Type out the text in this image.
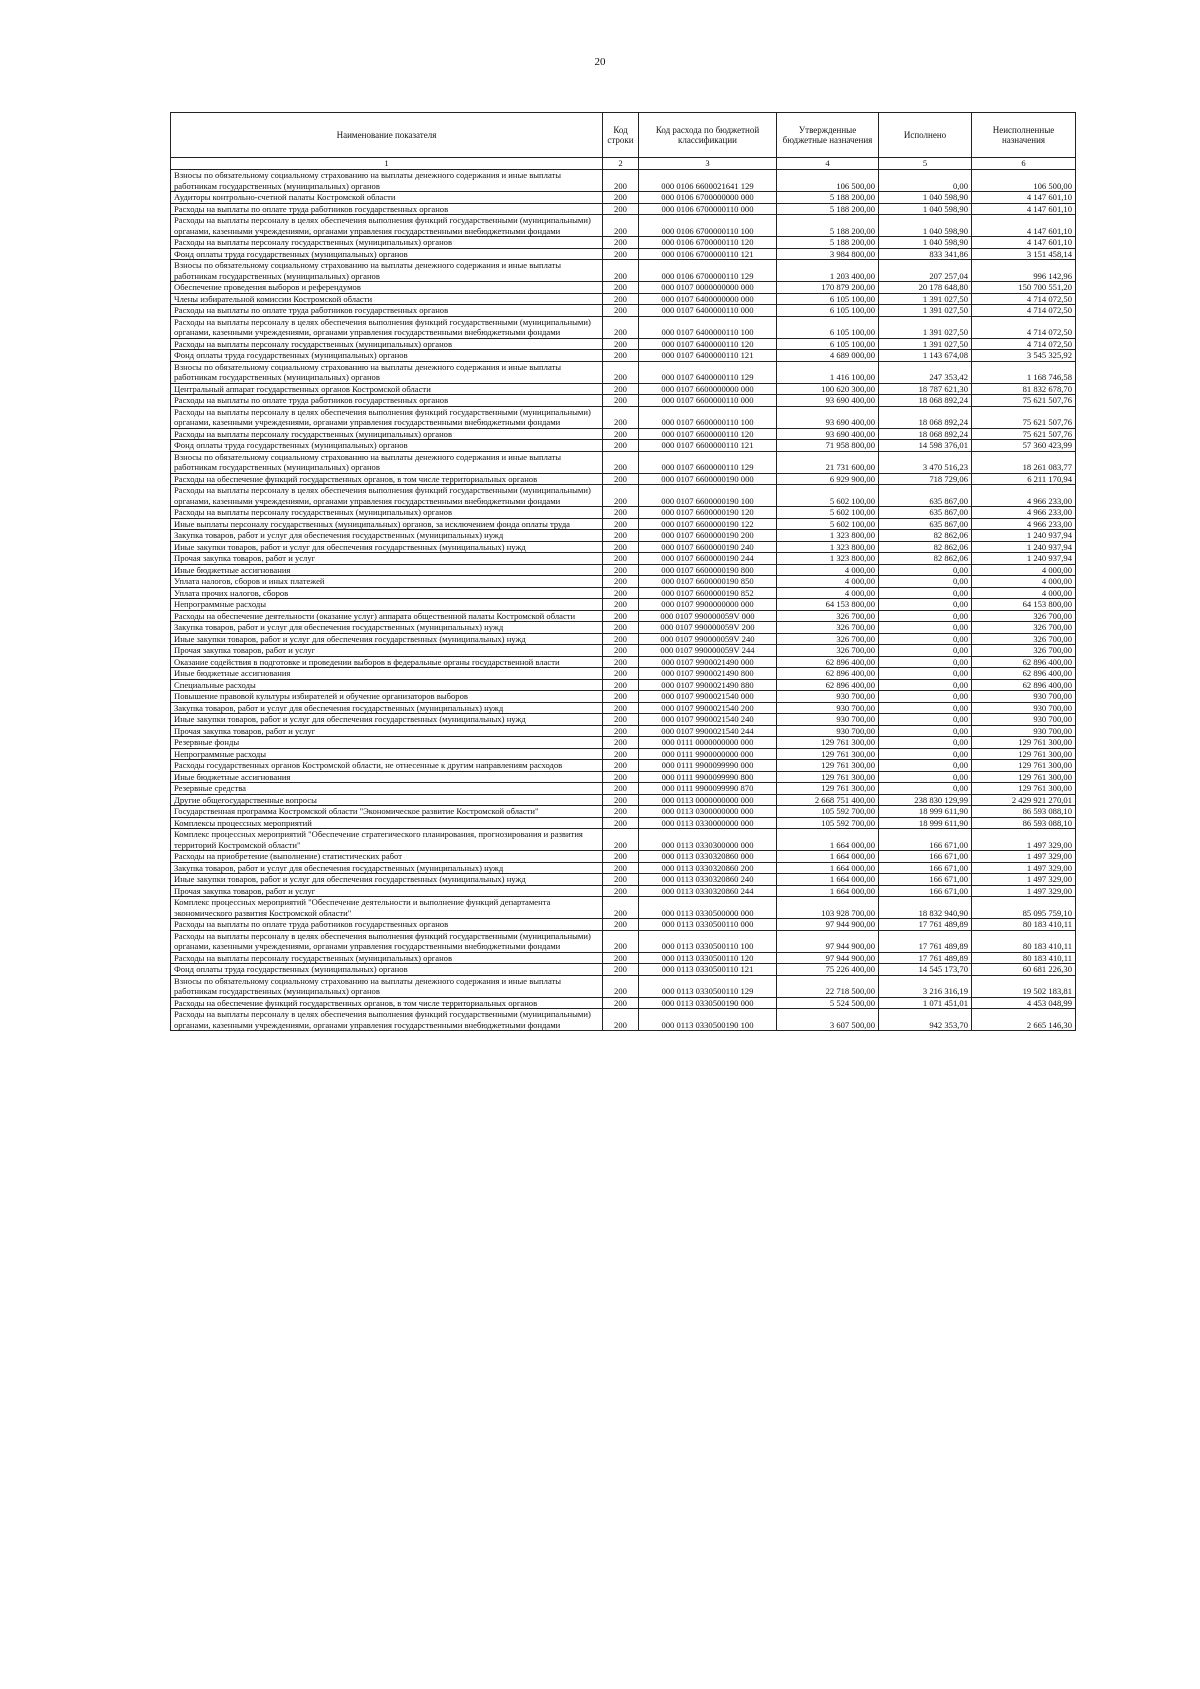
20
Наименование показателя	Код строки	Код расхода по бюджетной классификации	Утвержденные бюджетные назначения	Исполнено	Неисполненные назначения
1	2	3	4	5	6
Взносы по обязательному социальному страхованию на выплаты денежного содержания и иные выплаты работникам государственных (муниципальных) органов	200	000 0106 6600021641 129	106 500,00	0,00	106 500,00
Аудиторы контрольно-счетной палаты Костромской области	200	000 0106 6700000000 000	5 188 200,00	1 040 598,90	4 147 601,10
Расходы на выплаты по оплате труда работников государственных органов	200	000 0106 6700000110 000	5 188 200,00	1 040 598,90	4 147 601,10
Расходы на выплаты персоналу в целях обеспечения выполнения функций государственными (муниципальными) органами, казенными учреждениями, органами управления государственными внебюджетными фондами	200	000 0106 6700000110 100	5 188 200,00	1 040 598,90	4 147 601,10
Расходы на выплаты персоналу государственных (муниципальных) органов	200	000 0106 6700000110 120	5 188 200,00	1 040 598,90	4 147 601,10
Фонд оплаты труда государственных (муниципальных) органов	200	000 0106 6700000110 121	3 984 800,00	833 341,86	3 151 458,14
Взносы по обязательному социальному страхованию на выплаты денежного содержания и иные выплаты работникам государственных (муниципальных) органов	200	000 0106 6700000110 129	1 203 400,00	207 257,04	996 142,96
Обеспечение проведения выборов и референдумов	200	000 0107 0000000000 000	170 879 200,00	20 178 648,80	150 700 551,20
Члены избирательной комиссии Костромской области	200	000 0107 6400000000 000	6 105 100,00	1 391 027,50	4 714 072,50
Расходы на выплаты по оплате труда работников государственных органов	200	000 0107 6400000110 000	6 105 100,00	1 391 027,50	4 714 072,50
Расходы на выплаты персоналу в целях обеспечения выполнения функций государственными (муниципальными) органами, казенными учреждениями, органами управления государственными внебюджетными фондами	200	000 0107 6400000110 100	6 105 100,00	1 391 027,50	4 714 072,50
Расходы на выплаты персоналу государственных (муниципальных) органов	200	000 0107 6400000110 120	6 105 100,00	1 391 027,50	4 714 072,50
Фонд оплаты труда государственных (муниципальных) органов	200	000 0107 6400000110 121	4 689 000,00	1 143 674,08	3 545 325,92
Взносы по обязательному социальному страхованию на выплаты денежного содержания и иные выплаты работникам государственных (муниципальных) органов	200	000 0107 6400000110 129	1 416 100,00	247 353,42	1 168 746,58
Центральный аппарат государственных органов Костромской области	200	000 0107 6600000000 000	100 620 300,00	18 787 621,30	81 832 678,70
Расходы на выплаты по оплате труда работников государственных органов	200	000 0107 6600000110 000	93 690 400,00	18 068 892,24	75 621 507,76
Расходы на выплаты персоналу в целях обеспечения выполнения функций государственными (муниципальными) органами, казенными учреждениями, органами управления государственными внебюджетными фондами	200	000 0107 6600000110 100	93 690 400,00	18 068 892,24	75 621 507,76
Расходы на выплаты персоналу государственных (муниципальных) органов	200	000 0107 6600000110 120	93 690 400,00	18 068 892,24	75 621 507,76
Фонд оплаты труда государственных (муниципальных) органов	200	000 0107 6600000110 121	71 958 800,00	14 598 376,01	57 360 423,99
Взносы по обязательному социальному страхованию на выплаты денежного содержания и иные выплаты работникам государственных (муниципальных) органов	200	000 0107 6600000110 129	21 731 600,00	3 470 516,23	18 261 083,77
Расходы на обеспечение функций государственных органов, в том числе территориальных органов	200	000 0107 6600000190 000	6 929 900,00	718 729,06	6 211 170,94
Расходы на выплаты персоналу в целях обеспечения выполнения функций государственными (муниципальными) органами, казенными учреждениями, органами управления государственными внебюджетными фондами	200	000 0107 6600000190 100	5 602 100,00	635 867,00	4 966 233,00
Расходы на выплаты персоналу государственных (муниципальных) органов	200	000 0107 6600000190 120	5 602 100,00	635 867,00	4 966 233,00
Иные выплаты персоналу государственных (муниципальных) органов, за исключением фонда оплаты труда	200	000 0107 6600000190 122	5 602 100,00	635 867,00	4 966 233,00
Закупка товаров, работ и услуг для обеспечения государственных (муниципальных) нужд	200	000 0107 6600000190 200	1 323 800,00	82 862,06	1 240 937,94
Иные закупки товаров, работ и услуг для обеспечения государственных (муниципальных) нужд	200	000 0107 6600000190 240	1 323 800,00	82 862,06	1 240 937,94
Прочая закупка товаров, работ и услуг	200	000 0107 6600000190 244	1 323 800,00	82 862,06	1 240 937,94
Иные бюджетные ассигнования	200	000 0107 6600000190 800	4 000,00	0,00	4 000,00
Уплата налогов, сборов и иных платежей	200	000 0107 6600000190 850	4 000,00	0,00	4 000,00
Уплата прочих налогов, сборов	200	000 0107 6600000190 852	4 000,00	0,00	4 000,00
Непрограммные расходы	200	000 0107 9900000000 000	64 153 800,00	0,00	64 153 800,00
Расходы на обеспечение деятельности (оказание услуг) аппарата общественной палаты Костромской области	200	000 0107 990000059V 000	326 700,00	0,00	326 700,00
Закупка товаров, работ и услуг для обеспечения государственных (муниципальных) нужд	200	000 0107 990000059V 200	326 700,00	0,00	326 700,00
Иные закупки товаров, работ и услуг для обеспечения государственных (муниципальных) нужд	200	000 0107 990000059V 240	326 700,00	0,00	326 700,00
Прочая закупка товаров, работ и услуг	200	000 0107 990000059V 244	326 700,00	0,00	326 700,00
Оказание содействия в подготовке и проведении выборов в федеральные органы государственной власти	200	000 0107 9900021490 000	62 896 400,00	0,00	62 896 400,00
Иные бюджетные ассигнования	200	000 0107 9900021490 800	62 896 400,00	0,00	62 896 400,00
Специальные расходы	200	000 0107 9900021490 880	62 896 400,00	0,00	62 896 400,00
Повышение правовой культуры избирателей и обучение организаторов выборов	200	000 0107 9900021540 000	930 700,00	0,00	930 700,00
Закупка товаров, работ и услуг для обеспечения государственных (муниципальных) нужд	200	000 0107 9900021540 200	930 700,00	0,00	930 700,00
Иные закупки товаров, работ и услуг для обеспечения государственных (муниципальных) нужд	200	000 0107 9900021540 240	930 700,00	0,00	930 700,00
Прочая закупка товаров, работ и услуг	200	000 0107 9900021540 244	930 700,00	0,00	930 700,00
Резервные фонды	200	000 0111 0000000000 000	129 761 300,00	0,00	129 761 300,00
Непрограммные расходы	200	000 0111 9900000000 000	129 761 300,00	0,00	129 761 300,00
Расходы государственных органов Костромской области, не отнесенные к другим направлениям расходов	200	000 0111 9900099990 000	129 761 300,00	0,00	129 761 300,00
Иные бюджетные ассигнования	200	000 0111 9900099990 800	129 761 300,00	0,00	129 761 300,00
Резервные средства	200	000 0111 9900099990 870	129 761 300,00	0,00	129 761 300,00
Другие общегосударственные вопросы	200	000 0113 0000000000 000	2 668 751 400,00	238 830 129,99	2 429 921 270,01
Государственная программа Костромской области "Экономическое развитие Костромской области"	200	000 0113 0300000000 000	105 592 700,00	18 999 611,90	86 593 088,10
Комплексы процессных мероприятий	200	000 0113 0330000000 000	105 592 700,00	18 999 611,90	86 593 088,10
Комплекс процессных мероприятий "Обеспечение стратегического планирования, прогнозирования и развития территорий Костромской области"	200	000 0113 0330300000 000	1 664 000,00	166 671,00	1 497 329,00
Расходы на приобретение (выполнение) статистических работ	200	000 0113 0330320860 000	1 664 000,00	166 671,00	1 497 329,00
Закупка товаров, работ и услуг для обеспечения государственных (муниципальных) нужд	200	000 0113 0330320860 200	1 664 000,00	166 671,00	1 497 329,00
Иные закупки товаров, работ и услуг для обеспечения государственных (муниципальных) нужд	200	000 0113 0330320860 240	1 664 000,00	166 671,00	1 497 329,00
Прочая закупка товаров, работ и услуг	200	000 0113 0330320860 244	1 664 000,00	166 671,00	1 497 329,00
Комплекс процессных мероприятий "Обеспечение деятельности и выполнение функций департамента экономического развития Костромской области"	200	000 0113 0330500000 000	103 928 700,00	18 832 940,90	85 095 759,10
Расходы на выплаты по оплате труда работников государственных органов	200	000 0113 0330500110 000	97 944 900,00	17 761 489,89	80 183 410,11
Расходы на выплаты персоналу в целях обеспечения выполнения функций государственными (муниципальными) органами, казенными учреждениями, органами управления государственными внебюджетными фондами	200	000 0113 0330500110 100	97 944 900,00	17 761 489,89	80 183 410,11
Расходы на выплаты персоналу государственных (муниципальных) органов	200	000 0113 0330500110 120	97 944 900,00	17 761 489,89	80 183 410,11
Фонд оплаты труда государственных (муниципальных) органов	200	000 0113 0330500110 121	75 226 400,00	14 545 173,70	60 681 226,30
Взносы по обязательному социальному страхованию на выплаты денежного содержания и иные выплаты работникам государственных (муниципальных) органов	200	000 0113 0330500110 129	22 718 500,00	3 216 316,19	19 502 183,81
Расходы на обеспечение функций государственных органов, в том числе территориальных органов	200	000 0113 0330500190 000	5 524 500,00	1 071 451,01	4 453 048,99
Расходы на выплаты персоналу в целях обеспечения выполнения функций государственными (муниципальными) органами, казенными учреждениями, органами управления государственными внебюджетными фондами	200	000 0113 0330500190 100	3 607 500,00	942 353,70	2 665 146,30
